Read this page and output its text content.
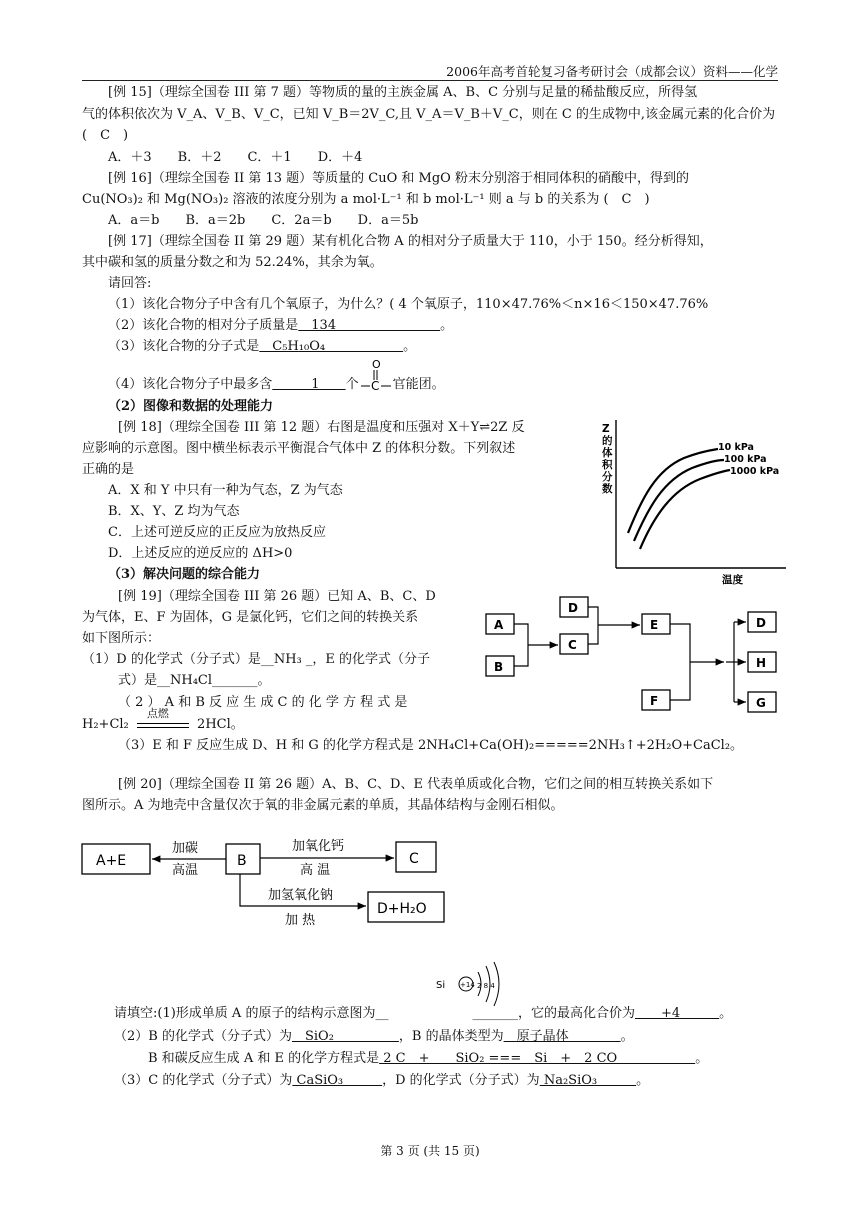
2006年高考首轮复习备考研讨会（成都会议）资料——化学
[例 15]（理综全国卷 III 第 7 题）等物质的量的主族金属 A、B、C 分别与足量的稀盐酸反应，所得氢
气的体积依次为 V_A、V_B、V_C，已知 V_B＝2V_C,且 V_A＝V_B＋V_C，则在 C 的生成物中,该金属元素的化合价为
(　C　)
A．＋3　　B．＋2　　C．＋1　　D．＋4
[例 16]（理综全国卷 II 第 13 题）等质量的 CuO 和 MgO 粉末分别溶于相同体积的硝酸中，得到的
Cu(NO₃)₂ 和 Mg(NO₃)₂ 溶液的浓度分别为 a mol·L⁻¹ 和 b mol·L⁻¹ 则 a 与 b 的关系为 (　C　)
A．a＝b　　B．a＝2b　　C．2a＝b　　D．a＝5b
[例 17]（理综全国卷 II 第 29 题）某有机化合物 A 的相对分子质量大于 110，小于 150。经分析得知，
其中碳和氢的质量分数之和为 52.24%，其余为氧。
请回答:
（1）该化合物分子中含有几个氧原子，为什么？( 4 个氧原子，110×47.76%＜n×16＜150×47.76%
（2）该化合物的相对分子质量是　134　　　　　　　　。
（3）该化合物的分子式是　C₅H₁₀O₄　　　　　　。
（4）该化合物分子中最多含　　　1　　个
O
C 官能团。
（2）图像和数据的处理能力
[例 18]（理综全国卷 III 第 12 题）右图是温度和压强对 X＋Y⇌2Z 反
应影响的示意图。图中横坐标表示平衡混合气体中 Z 的体积分数。下列叙述
正确的是
A．X 和 Y 中只有一种为气态，Z 为气态
B．X、Y、Z 均为气态
C．上述可逆反应的正反应为放热反应
D．上述反应的逆反应的 ΔH>0
Z 的体积分数
温度
10 kPa
100 kPa
1000 kPa
（3）解决问题的综合能力
[例 19]（理综全国卷 III 第 26 题）已知 A、B、C、D
为气体，E、F 为固体，G 是氯化钙，它们之间的转换关系
如下图所示：
（1）D 的化学式（分子式）是__NH₃ _，E 的化学式（分子
式）是__NH₄Cl_______。
（ 2 ） A 和 B 反 应 生 成 C 的 化 学 方 程 式 是
H₂+Cl₂
点燃
2HCl。
（3）E 和 F 反应生成 D、H 和 G 的化学方程式是 2NH₄Cl+Ca(OH)₂=====2NH₃↑+2H₂O+CaCl₂。
A
B
C
D
E
F
D
H
G
[例 20]（理综全国卷 II 第 26 题）A、B、C、D、E 代表单质或化合物，它们之间的相互转换关系如下
图所示。A 为地壳中含量仅次于氧的非金属元素的单质，其晶体结构与金刚石相似。
A+E
加碳
高温
B
加氧化钙
高 温
C
加氢氧化钠
加 热
D+H₂O
Si +14 2 8 4
请填空:(1)形成单质 A 的原子的结构示意图为__	_______，它的最高化合价为＿＿+4＿＿＿。
（2）B 的化学式（分子式）为　SiO₂　　　　　，B 的晶体类型为　原子晶体　　　　。
B 和碳反应生成 A 和 E 的化学方程式是 2 C　+　　SiO₂ ===　Si　+　2 CO　　　　　　。
（3）C 的化学式（分子式）为 CaSiO₃　　　，D 的化学式（分子式）为 Na₂SiO₃　　　。
第 3 页 (共 15 页)
